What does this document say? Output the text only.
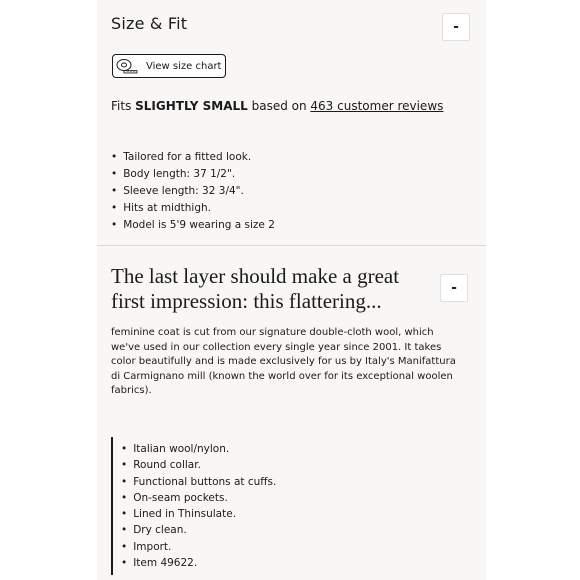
Size & Fit	-
View size chart
Fits SLIGHTLY SMALL based on 463 customer reviews
• Tailored for a fitted look.
• Body length: 37 1/2".
• Sleeve length: 32 3/4".
• Hits at midthigh.
• Model is 5'9 wearing a size 2
The last layer should make a great first impression: this flattering...
-
feminine coat is cut from our signature double-cloth wool, which we've used in our collection every single year since 2001. It takes color beautifully and is made exclusively for us by Italy's Manifattura di Carmignano mill (known the world over for its exceptional woolen fabrics).
• Italian wool/nylon.
• Round collar.
• Functional buttons at cuffs.
• On-seam pockets.
• Lined in Thinsulate.
• Dry clean.
• Import.
• Item 49622.
